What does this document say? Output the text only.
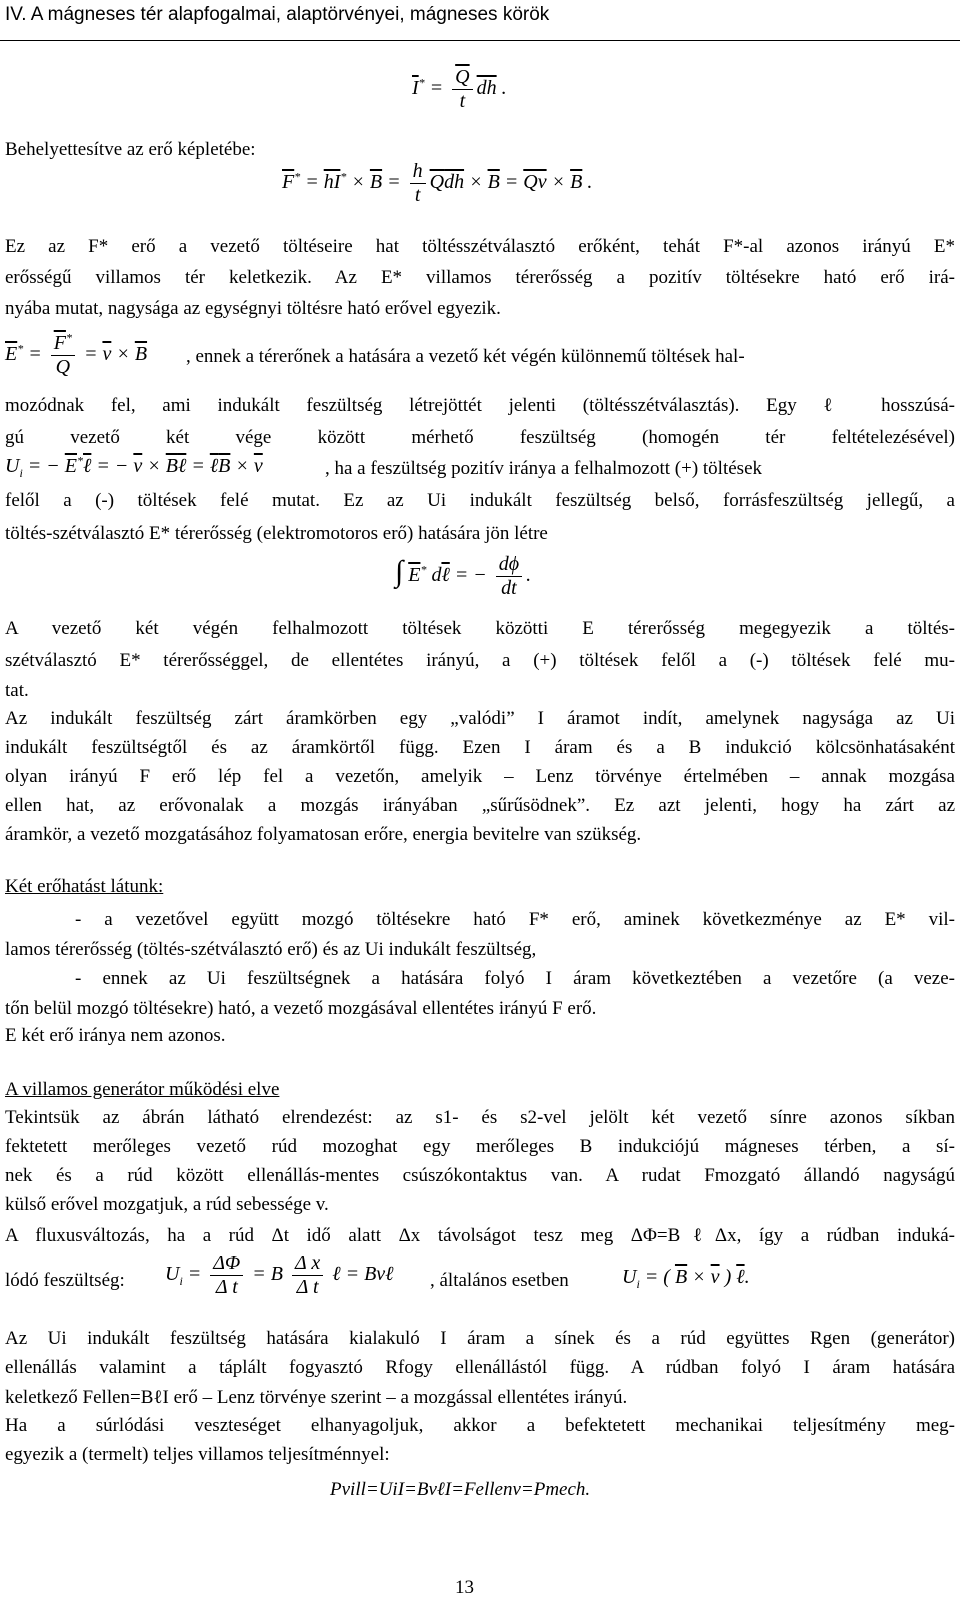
IV. A mágneses tér alapfogalmai, alaptörvényei, mágneses körök
$\overline{I}^* = \frac{\overline{Q}}{t} \overline{dh}$ .
Behelyettesítve az erő képletébe:
$\overline{F}^* = \overline{hI}^* \times \overline{B} = \frac{h}{t} \overline{Q}\overline{dh} \times \overline{B} = \overline{Qv} \times \overline{B}$ .
Ez az F* erő a vezető töltéseire hat töltésszétválasztó erőként, tehát F*-al azonos irányú E*
erősségű villamos tér keletkezik. Az E* villamos térerősség a pozitív töltésekre ható erő irá-
nyába mutat, nagysága az egységnyi töltésre ható erővel egyezik.
$\overline{E}^* = \frac{\overline{F}^*}{Q} = \overline{v} \times \overline{B}$ , ennek a térerőnek a hatására a vezető két végén különnemű töltések hal-
mozódnak fel, ami indukált feszültség létrejöttét jelenti (töltésszétválasztás). Egy ℓ hosszúsá-
gú vezető két vége között mérhető feszültség (homogén tér feltételezésével)
$U_i$ = − $\overline{E}^*\ell$ = − $\overline{v}$ × $\overline{B}\ell$ = $\ell\overline{B} \times \overline{v}$	, ha a feszültség pozitív iránya a felhalmozott (+) töltések
felől a (-) töltések felé mutat. Ez az Ui indukált feszültség belső, forrásfeszültség jellegű, a
töltés-szétválasztó E* térerősség (elektromotoros erő) hatására jön létre
∫ $\overline{E}^*$ dℓ = − $\frac{d\phi}{dt}$ .
A vezető két végén felhalmozott töltések közötti E térerősség megegyezik a töltés-
szétválasztó E* térerősséggel, de ellentétes irányú, a (+) töltések felől a (-) töltések felé mu-
tat.
Az indukált feszültség zárt áramkörben egy „valódi” I áramot indít, amelynek nagysága az Ui
indukált feszültségtől és az áramkörtől függ. Ezen I áram és a B indukció kölcsönhatásaként
olyan irányú F erő lép fel a vezetőn, amelyik – Lenz törvénye értelmében – annak mozgása
ellen hat, az erővonalak a mozgás irányában „sűrűsödnek”. Ez azt jelenti, hogy ha zárt az
áramkör, a vezető mozgatásához folyamatosan erőre, energia bevitelre van szükség.
Két erőhatást látunk:
- a vezetővel együtt mozgó töltésekre ható F* erő, aminek következménye az E* vil-
lamos térerősség (töltés-szétválasztó erő) és az Ui indukált feszültség,
- ennek az Ui feszültségnek a hatására folyó I áram következtében a vezetőre (a veze-
tőn belül mozgó töltésekre) ható, a vezető mozgásával ellentétes irányú F erő.
E két erő iránya nem azonos.
A villamos generátor működési elve
Tekintsük az ábrán látható elrendezést: az s1- és s2-vel jelölt két vezető sínre azonos síkban
fektetett merőleges vezető rúd mozoghat egy merőleges B indukciójú mágneses térben, a sí-
nek és a rúd között ellenállás-mentes csúszókontaktus van. A rudat Fmozgató állandó nagyságú
külső erővel mozgatjuk, a rúd sebessége v.
A fluxusváltozás, ha a rúd Δt idő alatt Δx távolságot tesz meg ΔΦ=BℓΔx, így a rúdban induká-
lódó feszültség:	$U_i = \frac{\Delta\Phi}{\text{Δ t}} = B \frac{\text{Δ x}}{\text{Δ t}}$ ℓ = Bvℓ , általános esetben	$U_i$ = ( $\overline{B} \times \overline{v}$ ) ℓ.
Az Ui indukált feszültség hatására kialakuló I áram a sínek és a rúd együttes Rgen (generátor)
ellenállás valamint a táplált fogyasztó Rfogy ellenállástól függ. A rúdban folyó I áram hatására
keletkező Fellen=BℓI erő – Lenz törvénye szerint – a mozgással ellentétes irányú.
Ha a súrlódási veszteséget elhanyagoljuk, akkor a befektetett mechanikai teljesítmény meg-
egyezik a (termelt) teljes villamos teljesítménnyel:
Pvill=UiI=BvℓI=Fellenv=Pmech.
13
